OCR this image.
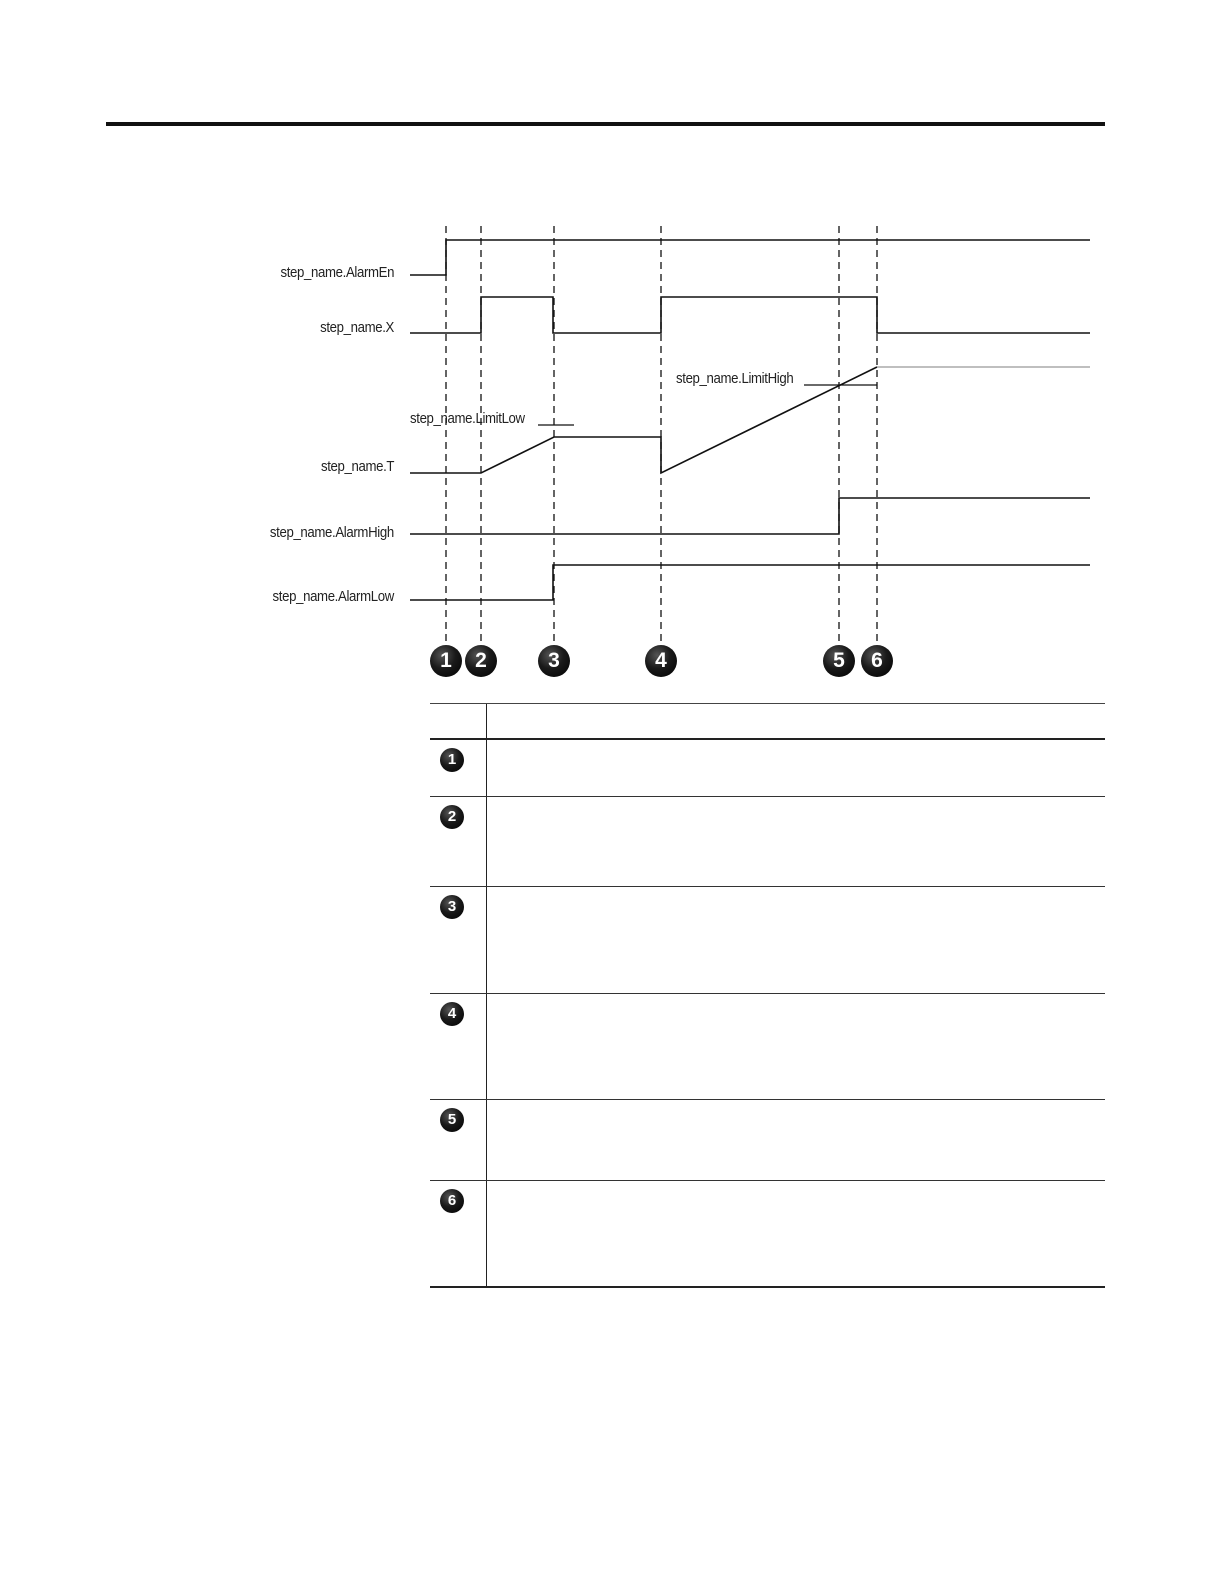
step_name.AlarmEn
step_name.X
step_name.T
step_name.AlarmHigh
step_name.AlarmLow
step_name.LimitLow
step_name.LimitHigh
1	2	3	4	5	6
1
2
3
4
5
6
